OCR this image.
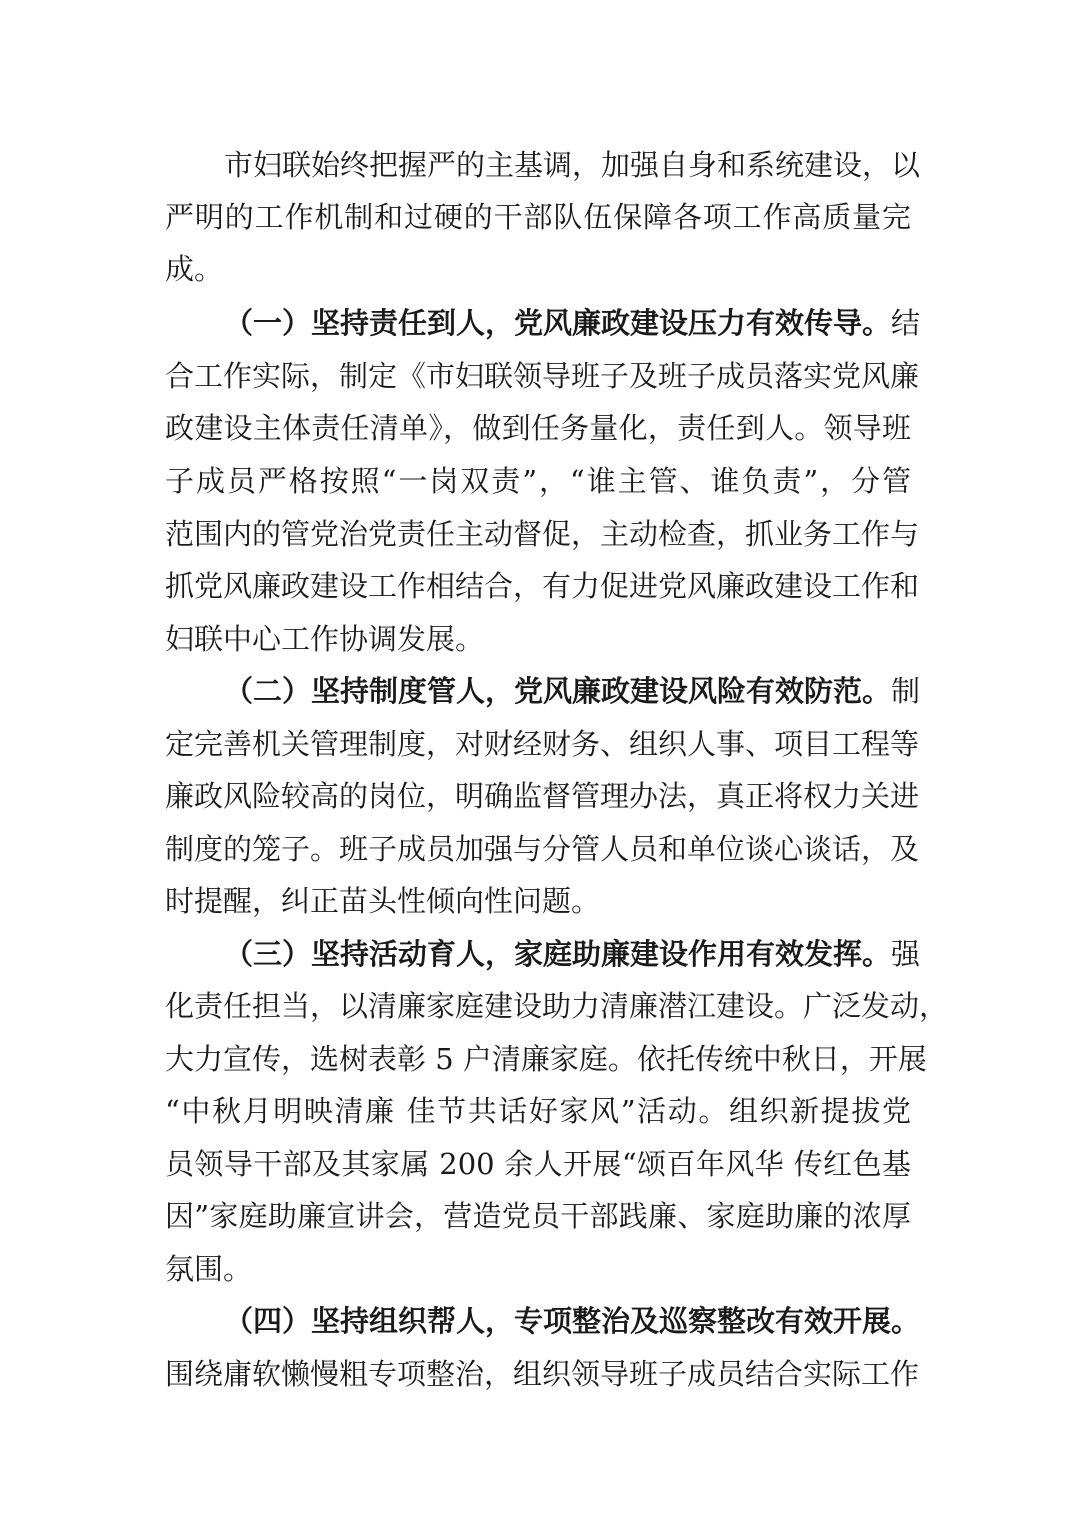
市妇联始终把握严的主基调，加强自身和系统建设，以
严明的工作机制和过硬的干部队伍保障各项工作高质量完
成。
（一）坚持责任到人，党风廉政建设压力有效传导。结
合工作实际，制定《市妇联领导班子及班子成员落实党风廉
政建设主体责任清单》，做到任务量化，责任到人。领导班
子成员严格按照“一岗双责”，“谁主管、谁负责”，分管
范围内的管党治党责任主动督促，主动检查，抓业务工作与
抓党风廉政建设工作相结合，有力促进党风廉政建设工作和
妇联中心工作协调发展。
（二）坚持制度管人，党风廉政建设风险有效防范。制
定完善机关管理制度，对财经财务、组织人事、项目工程等
廉政风险较高的岗位，明确监督管理办法，真正将权力关进
制度的笼子。班子成员加强与分管人员和单位谈心谈话，及
时提醒，纠正苗头性倾向性问题。
（三）坚持活动育人，家庭助廉建设作用有效发挥。强
化责任担当，以清廉家庭建设助力清廉潜江建设。广泛发动，
大力宣传，选树表彰 5 户清廉家庭。依托传统中秋日，开展
“中秋月明映清廉 佳节共话好家风”活动。组织新提拔党
员领导干部及其家属 200 余人开展“颂百年风华 传红色基
因”家庭助廉宣讲会，营造党员干部践廉、家庭助廉的浓厚
氛围。
（四）坚持组织帮人，专项整治及巡察整改有效开展。
围绕庸软懒慢粗专项整治，组织领导班子成员结合实际工作
